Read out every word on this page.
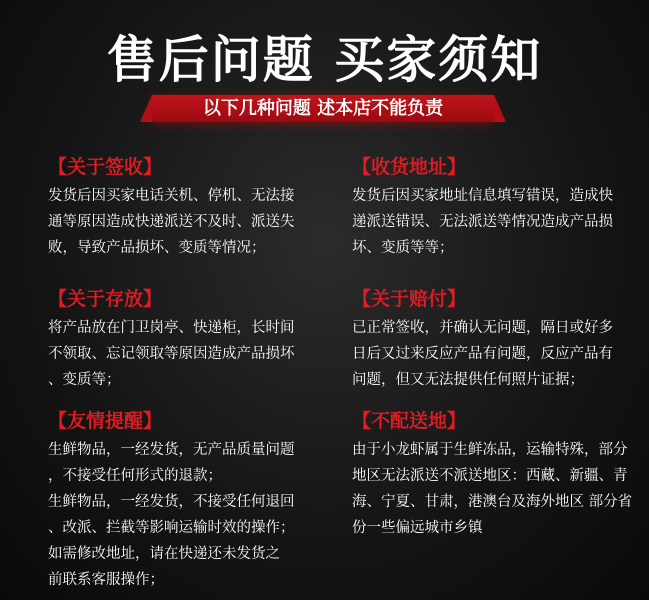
售后问题 买家须知
以下几种问题 述本店不能负责
【关于签收】
发货后因买家电话关机、停机、无法接
通等原因造成快递派送不及时、派送失
败，导致产品损坏、变质等情况；
【收货地址】
发货后因买家地址信息填写错误，造成快
递派送错误、无法派送等情况造成产品损
坏、变质等等；
【关于存放】
将产品放在门卫岗亭、快递柜，长时间
不领取、忘记领取等原因造成产品损坏
、变质等；
【关于赔付】
已正常签收，并确认无问题，隔日或好多
日后又过来反应产品有问题，反应产品有
问题，但又无法提供任何照片证据；
【友情提醒】
生鲜物品，一经发货，无产品质量问题
，不接受任何形式的退款；
生鲜物品，一经发货，不接受任何退回
、改派、拦截等影响运输时效的操作；
如需修改地址，请在快递还未发货之
前联系客服操作；
【不配送地】
由于小龙虾属于生鲜冻品，运输特殊，部分
地区无法派送不派送地区：西藏、新疆、青
海、宁夏、甘肃，港澳台及海外地区 部分省
份一些偏远城市乡镇
